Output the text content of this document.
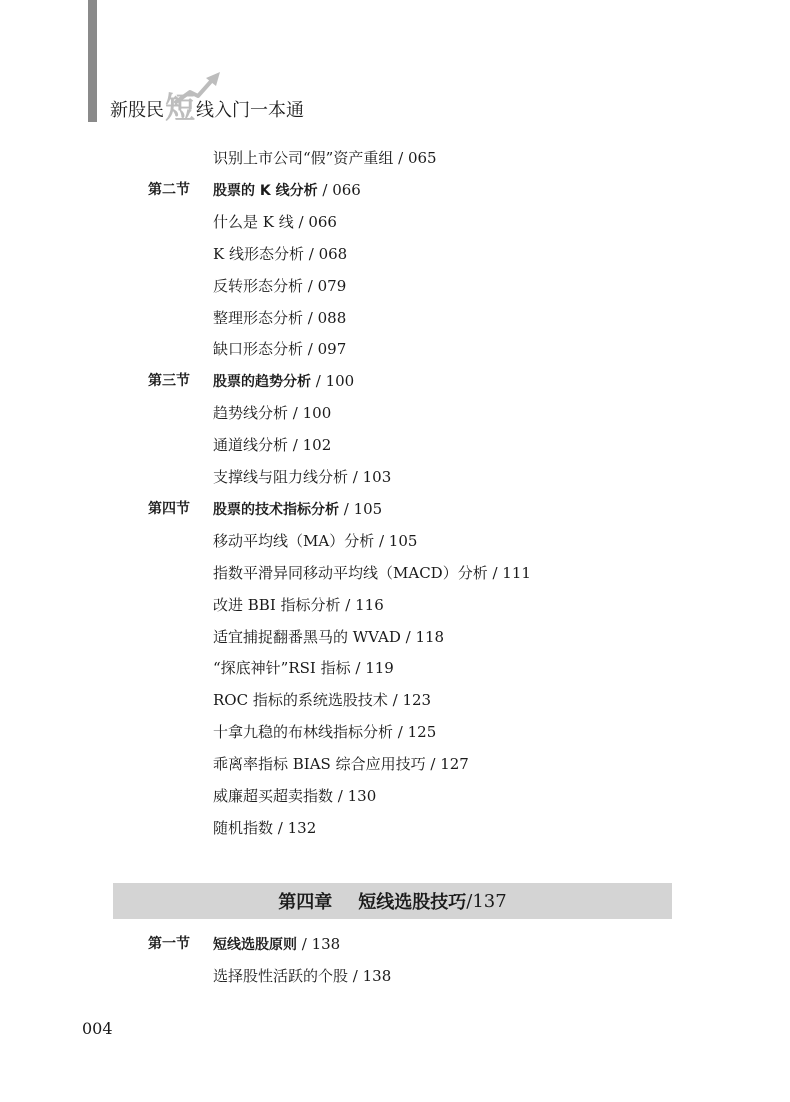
新股民 短 线入门一本通
识别上市公司“假”资产重组 / 065
第二节 股票的 K 线分析 / 066
什么是 K 线 / 066
K 线形态分析 / 068
反转形态分析 / 079
整理形态分析 / 088
缺口形态分析 / 097
第三节 股票的趋势分析 / 100
趋势线分析 / 100
通道线分析 / 102
支撑线与阻力线分析 / 103
第四节 股票的技术指标分析 / 105
移动平均线（MA）分析 / 105
指数平滑异同移动平均线（MACD）分析 / 111
改进 BBI 指标分析 / 116
适宜捕捉翻番黑马的 WVAD / 118
“探底神针”RSI 指标 / 119
ROC 指标的系统选股技术 / 123
十拿九稳的布林线指标分析 / 125
乖离率指标 BIAS 综合应用技巧 / 127
威廉超买超卖指数 / 130
随机指数 / 132
第四章 短线选股技巧 / 137
第一节 短线选股原则 / 138
选择股性活跃的个股 / 138
004
